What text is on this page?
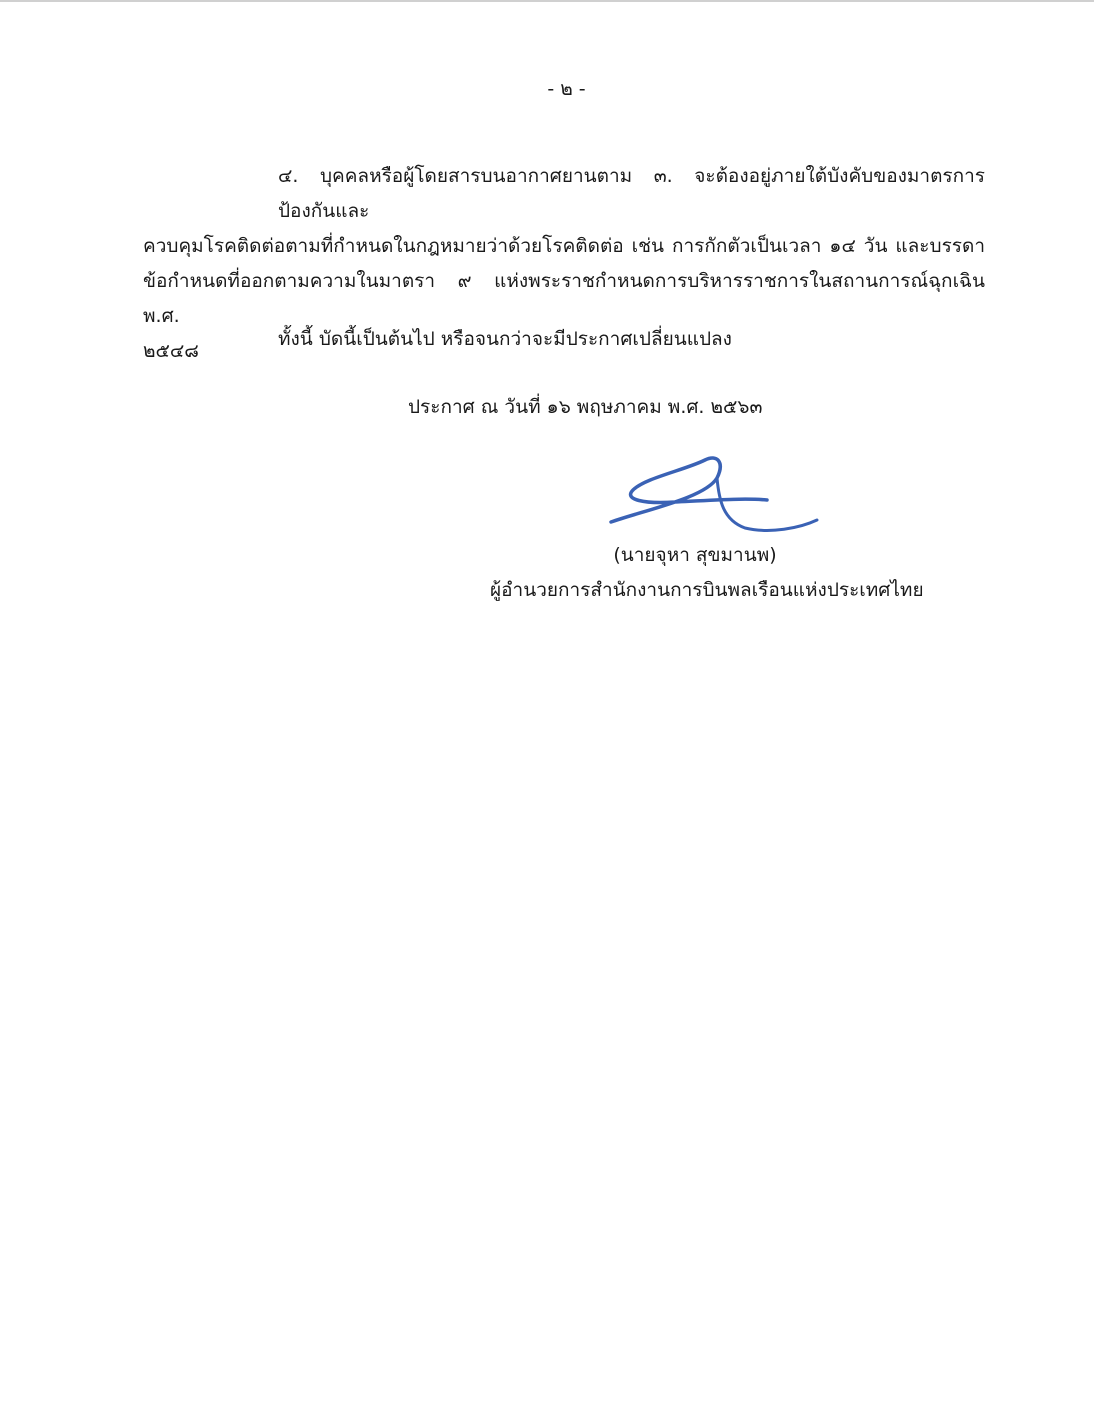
- ๒ -
๔. บุคคลหรือผู้โดยสารบนอากาศยานตาม ๓. จะต้องอยู่ภายใต้บังคับของมาตรการป้องกันและ
ควบคุมโรคติดต่อตามที่กำหนดในกฎหมายว่าด้วยโรคติดต่อ เช่น การกักตัวเป็นเวลา ๑๔ วัน และบรรดา
ข้อกำหนดที่ออกตามความในมาตรา ๙ แห่งพระราชกำหนดการบริหารราชการในสถานการณ์ฉุกเฉิน พ.ศ.
๒๕๔๘
ทั้งนี้ บัดนี้เป็นต้นไป หรือจนกว่าจะมีประกาศเปลี่ยนแปลง
ประกาศ ณ วันที่ ๑๖ พฤษภาคม พ.ศ. ๒๕๖๓
(นายจุหา สุขมานพ)
ผู้อำนวยการสำนักงานการบินพลเรือนแห่งประเทศไทย
